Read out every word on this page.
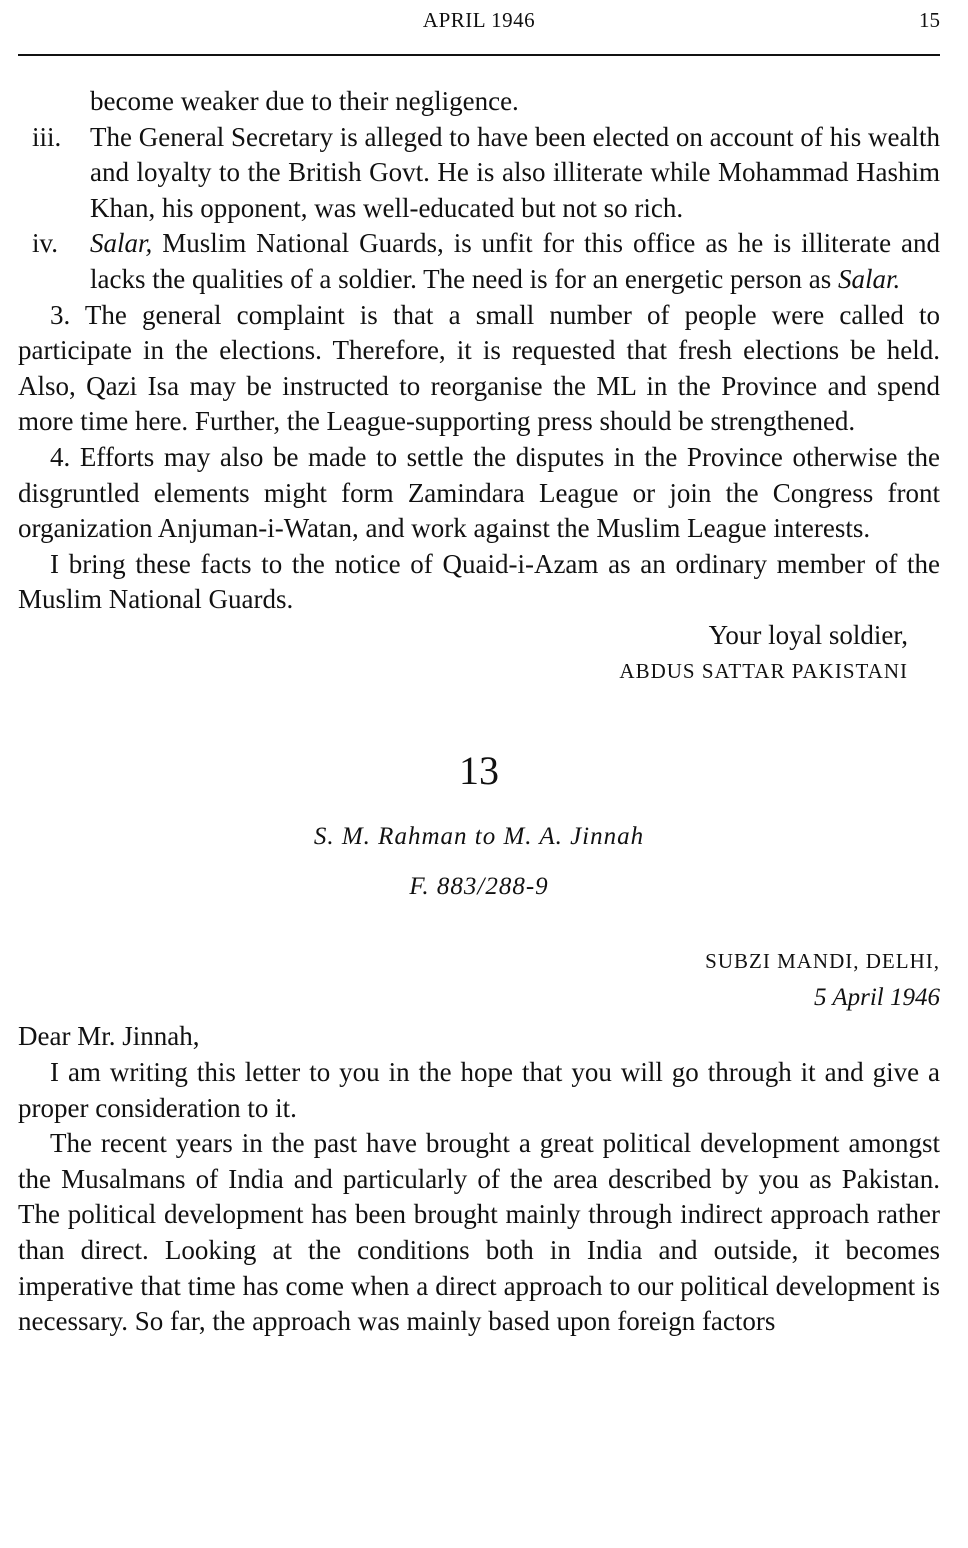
APRIL 1946	15

become weaker due to their negligence.

iii. The General Secretary is alleged to have been elected on account of his wealth and loyalty to the British Govt. He is also illiterate while Mohammad Hashim Khan, his opponent, was well-educated but not so rich.
iv. Salar, Muslim National Guards, is unfit for this office as he is illiterate and lacks the qualities of a soldier. The need is for an energetic person as Salar.

3. The general complaint is that a small number of people were called to participate in the elections. Therefore, it is requested that fresh elections be held. Also, Qazi Isa may be instructed to reorganise the ML in the Province and spend more time here. Further, the League-supporting press should be strengthened.

4. Efforts may also be made to settle the disputes in the Province otherwise the disgruntled elements might form Zamindara League or join the Congress front organization Anjuman-i-Watan, and work against the Muslim League interests.

I bring these facts to the notice of Quaid-i-Azam as an ordinary member of the Muslim National Guards.

Your loyal soldier,

ABDUS SATTAR PAKISTANI

13
S. M. Rahman to M. A. Jinnah
F. 883/288-9
SUBZI MANDI, DELHI,
5 April 1946

Dear Mr. Jinnah,

I am writing this letter to you in the hope that you will go through it and give a proper consideration to it.

The recent years in the past have brought a great political development amongst the Musalmans of India and particularly of the area described by you as Pakistan. The political development has been brought mainly through indirect approach rather than direct. Looking at the conditions both in India and outside, it becomes imperative that time has come when a direct approach to our political development is necessary. So far, the approach was mainly based upon foreign factors
